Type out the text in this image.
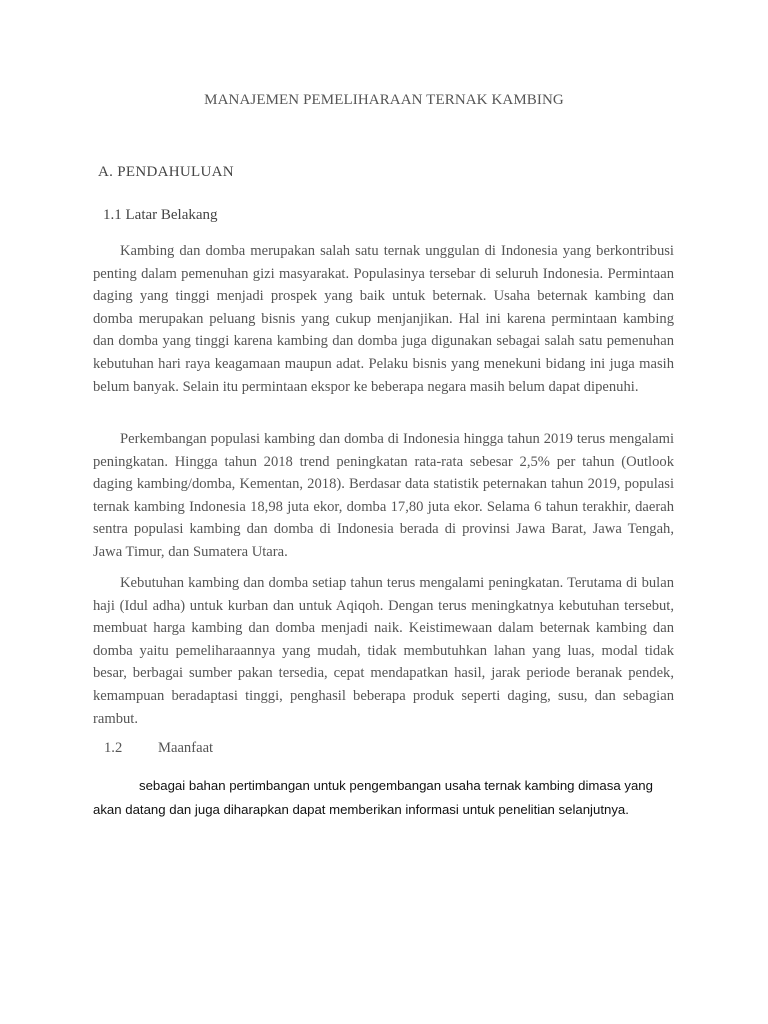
MANAJEMEN PEMELIHARAAN TERNAK KAMBING
A. PENDAHULUAN
1.1 Latar Belakang

Kambing dan domba merupakan salah satu ternak unggulan di Indonesia yang berkontribusi penting dalam pemenuhan gizi masyarakat. Populasinya tersebar di seluruh Indonesia. Permintaan daging yang tinggi menjadi prospek yang baik untuk beternak. Usaha beternak kambing dan domba merupakan peluang bisnis yang cukup menjanjikan. Hal ini karena permintaan kambing dan domba yang tinggi karena kambing dan domba juga digunakan sebagai salah satu pemenuhan kebutuhan hari raya keagamaan maupun adat. Pelaku bisnis yang menekuni bidang ini juga masih belum banyak. Selain itu permintaan ekspor ke beberapa negara masih belum dapat dipenuhi.

Perkembangan populasi kambing dan domba di Indonesia hingga tahun 2019 terus mengalami peningkatan. Hingga tahun 2018 trend peningkatan rata-rata sebesar 2,5% per tahun (Outlook daging kambing/domba, Kementan, 2018). Berdasar data statistik peternakan tahun 2019, populasi ternak kambing Indonesia 18,98 juta ekor, domba 17,80 juta ekor. Selama 6 tahun terakhir, daerah sentra populasi kambing dan domba di Indonesia berada di provinsi Jawa Barat, Jawa Tengah, Jawa Timur, dan Sumatera Utara.

Kebutuhan kambing dan domba setiap tahun terus mengalami peningkatan. Terutama di bulan haji (Idul adha) untuk kurban dan untuk Aqiqoh. Dengan terus meningkatnya kebutuhan tersebut, membuat harga kambing dan domba menjadi naik. Keistimewaan dalam beternak kambing dan domba yaitu pemeliharaannya yang mudah, tidak membutuhkan lahan yang luas, modal tidak besar, berbagai sumber pakan tersedia, cepat mendapatkan hasil, jarak periode beranak pendek, kemampuan beradaptasi tinggi, penghasil beberapa produk seperti daging, susu, dan sebagian rambut.

1.2 Maanfaat

sebagai bahan pertimbangan untuk pengembangan usaha ternak kambing dimasa yang akan datang dan juga diharapkan dapat memberikan informasi untuk penelitian selanjutnya.
